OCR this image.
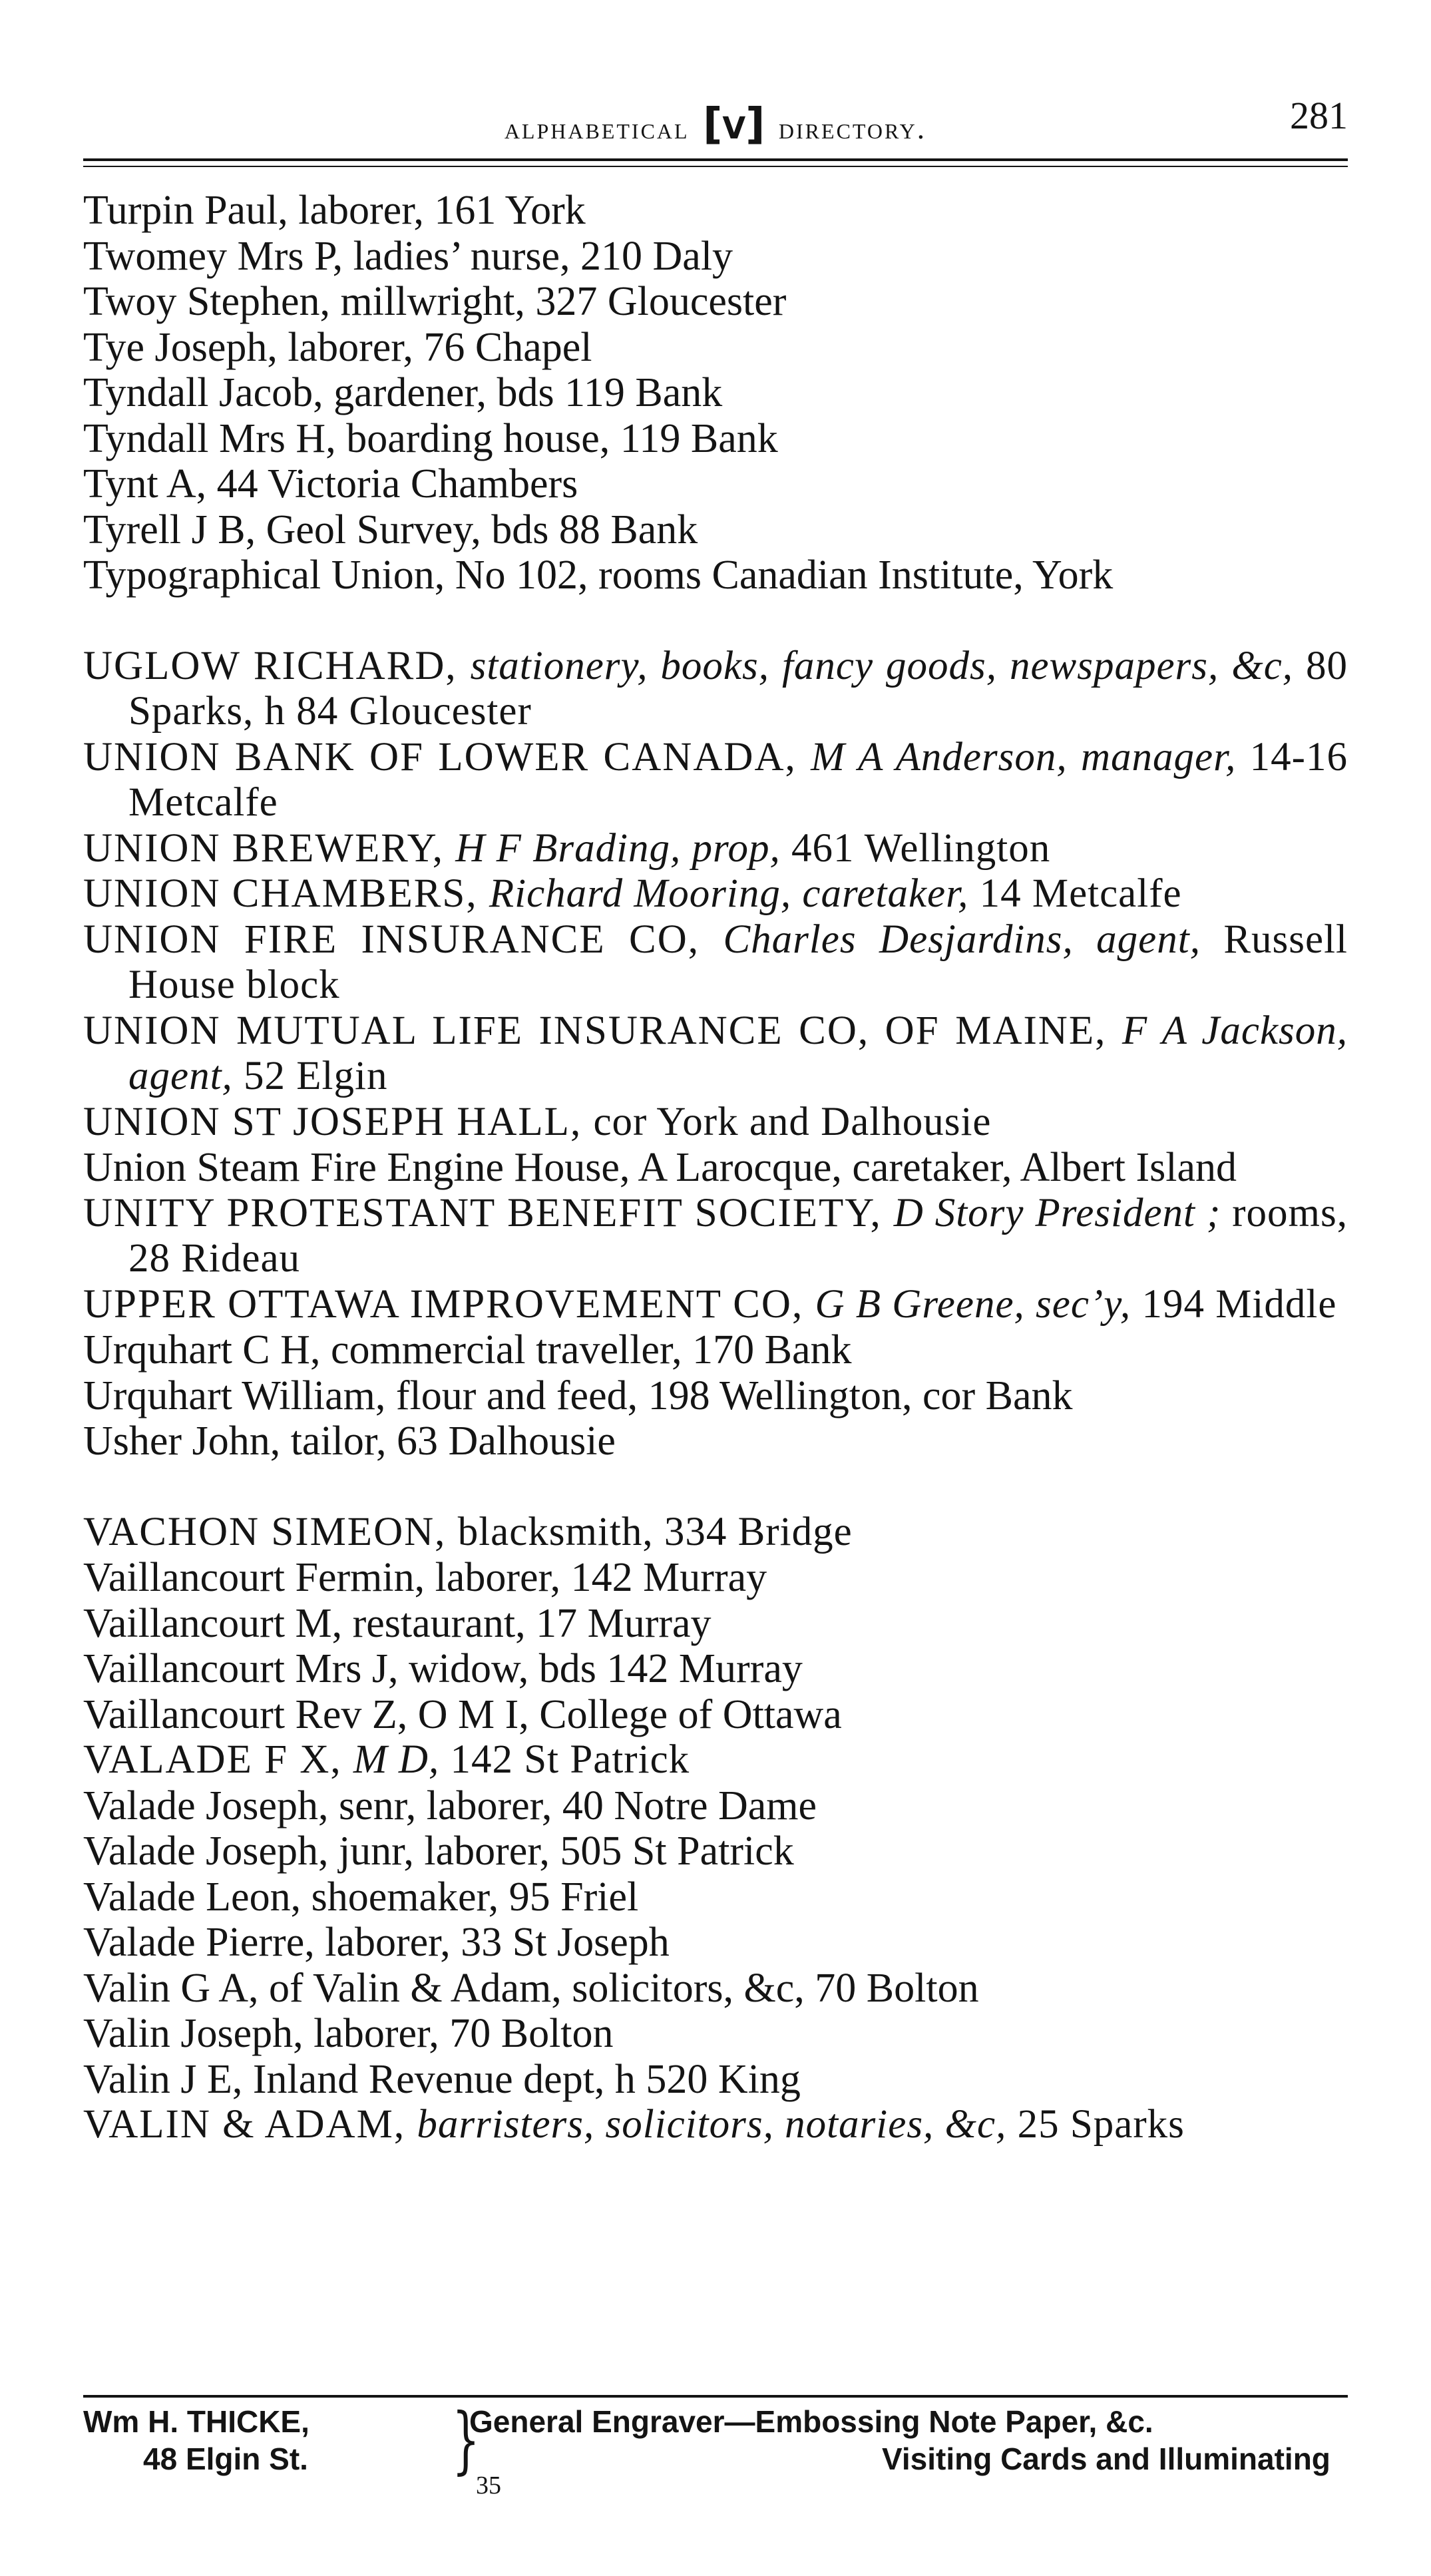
alphabetical [v] directory.	281
Turpin Paul, laborer, 161 York
Twomey Mrs P, ladies’ nurse, 210 Daly
Twoy Stephen, millwright, 327 Gloucester
Tye Joseph, laborer, 76 Chapel
Tyndall Jacob, gardener, bds 119 Bank
Tyndall Mrs H, boarding house, 119 Bank
Tynt A, 44 Victoria Chambers
Tyrell J B, Geol Survey, bds 88 Bank
Typographical Union, No 102, rooms Canadian Institute, York
UGLOW RICHARD, stationery, books, fancy goods, newspapers, &c, 80 Sparks, h 84 Gloucester
UNION BANK OF LOWER CANADA, M A Anderson, manager, 14-16 Metcalfe
UNION BREWERY, H F Brading, prop, 461 Wellington
UNION CHAMBERS, Richard Mooring, caretaker, 14 Metcalfe
UNION FIRE INSURANCE CO, Charles Desjardins, agent, Russell House block
UNION MUTUAL LIFE INSURANCE CO, OF MAINE, F A Jackson, agent, 52 Elgin
UNION ST JOSEPH HALL, cor York and Dalhousie
Union Steam Fire Engine House, A Larocque, caretaker, Albert Island
UNITY PROTESTANT BENEFIT SOCIETY, D Story President ; rooms, 28 Rideau
UPPER OTTAWA IMPROVEMENT CO, G B Greene, sec’y, 194 Middle
Urquhart C H, commercial traveller, 170 Bank
Urquhart William, flour and feed, 198 Wellington, cor Bank
Usher John, tailor, 63 Dalhousie
VACHON SIMEON, blacksmith, 334 Bridge
Vaillancourt Fermin, laborer, 142 Murray
Vaillancourt M, restaurant, 17 Murray
Vaillancourt Mrs J, widow, bds 142 Murray
Vaillancourt Rev Z, O M I, College of Ottawa
VALADE F X, M D, 142 St Patrick
Valade Joseph, senr, laborer, 40 Notre Dame
Valade Joseph, junr, laborer, 505 St Patrick
Valade Leon, shoemaker, 95 Friel
Valade Pierre, laborer, 33 St Joseph
Valin G A, of Valin & Adam, solicitors, &c, 70 Bolton
Valin Joseph, laborer, 70 Bolton
Valin J E, Inland Revenue dept, h 520 King
VALIN & ADAM, barristers, solicitors, notaries, &c, 25 Sparks
Wm H. THICKE,
48 Elgin St.	}
General Engraver—Embossing Note Paper, &c.
Visiting Cards and Illuminating
35
